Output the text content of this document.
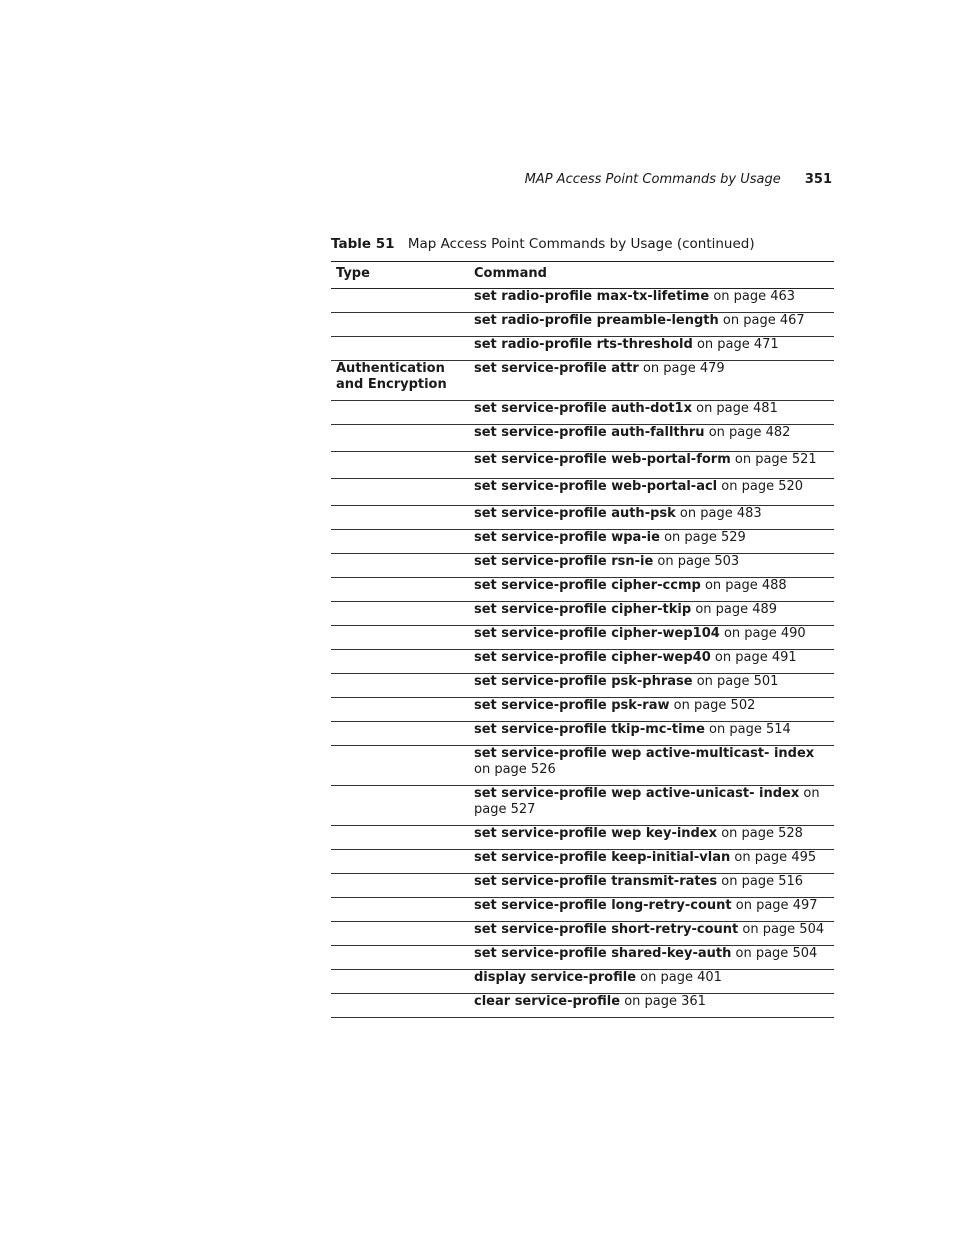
MAP Access Point Commands by Usage 351
Table 51 Map Access Point Commands by Usage (continued)
Type	Command
	set radio-profile max-tx-lifetime on page 463
	set radio-profile preamble-length on page 467
	set radio-profile rts-threshold on page 471
Authentication and Encryption	set service-profile attr on page 479
	set service-profile auth-dot1x on page 481
	set service-profile auth-fallthru on page 482
	set service-profile web-portal-form on page 521
	set service-profile web-portal-acl on page 520
	set service-profile auth-psk on page 483
	set service-profile wpa-ie on page 529
	set service-profile rsn-ie on page 503
	set service-profile cipher-ccmp on page 488
	set service-profile cipher-tkip on page 489
	set service-profile cipher-wep104 on page 490
	set service-profile cipher-wep40 on page 491
	set service-profile psk-phrase on page 501
	set service-profile psk-raw on page 502
	set service-profile tkip-mc-time on page 514
	set service-profile wep active-multicast- index on page 526
	set service-profile wep active-unicast- index on page 527
	set service-profile wep key-index on page 528
	set service-profile keep-initial-vlan on page 495
	set service-profile transmit-rates on page 516
	set service-profile long-retry-count on page 497
	set service-profile short-retry-count on page 504
	set service-profile shared-key-auth on page 504
	display service-profile on page 401
	clear service-profile on page 361
